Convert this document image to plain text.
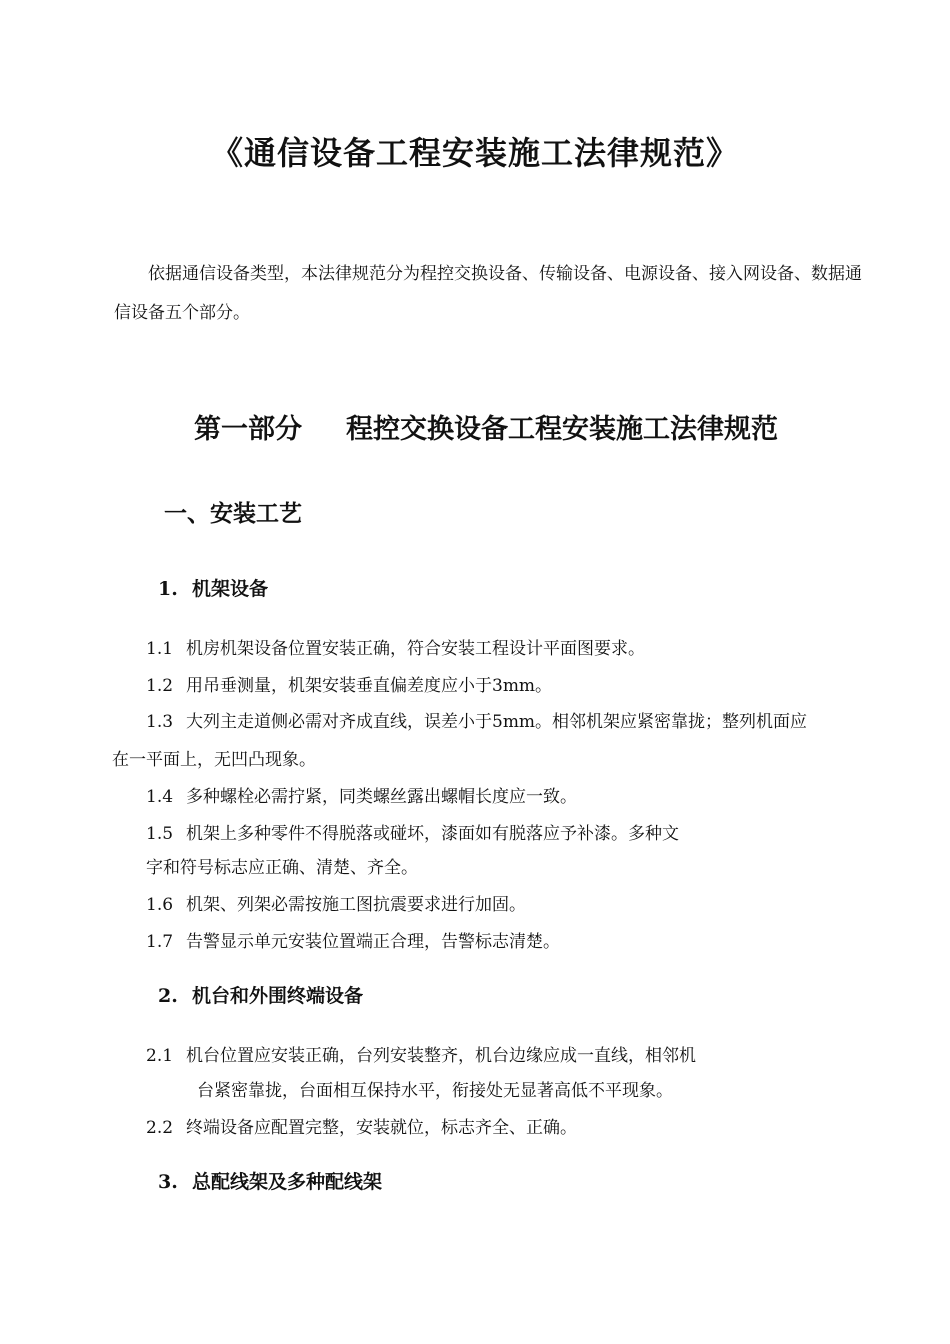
《通信设备工程安装施工法律规范》
依据通信设备类型，本法律规范分为程控交换设备、传输设备、电源设备、接入网设备、数据通信设备五个部分。
第一部分 程控交换设备工程安装施工法律规范
一、安装工艺
1. 机架设备
1.1 机房机架设备位置安装正确，符合安装工程设计平面图要求。
1.2 用吊垂测量，机架安装垂直偏差度应小于3mm。
1.3 大列主走道侧必需对齐成直线，误差小于5mm。相邻机架应紧密靠拢；整列机面应
在一平面上，无凹凸现象。
1.4 多种螺栓必需拧紧，同类螺丝露出螺帽长度应一致。
1.5 机架上多种零件不得脱落或碰坏，漆面如有脱落应予补漆。多种文
字和符号标志应正确、清楚、齐全。
1.6 机架、列架必需按施工图抗震要求进行加固。
1.7 告警显示单元安装位置端正合理，告警标志清楚。
2. 机台和外围终端设备
2.1 机台位置应安装正确，台列安装整齐，机台边缘应成一直线，相邻机
台紧密靠拢，台面相互保持水平，衔接处无显著高低不平现象。
2.2 终端设备应配置完整，安装就位，标志齐全、正确。
3. 总配线架及多种配线架
